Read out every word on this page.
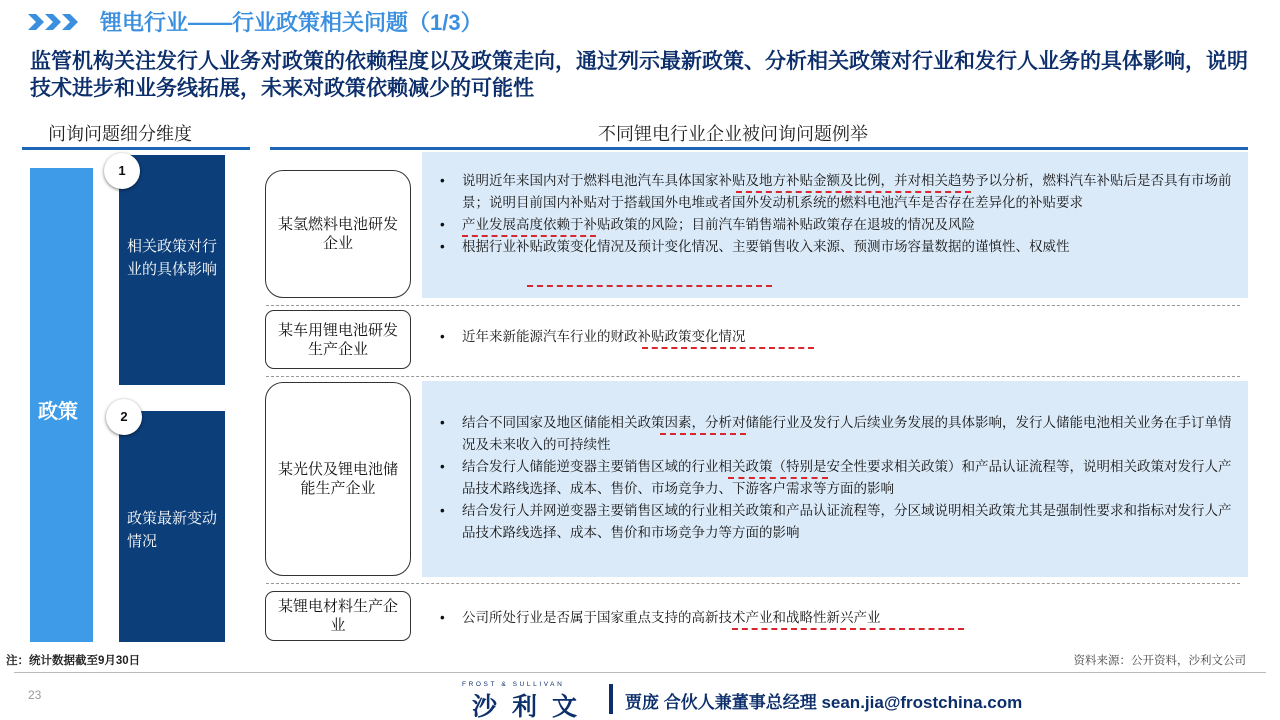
锂电行业——行业政策相关问题（1/3）
监管机构关注发行人业务对政策的依赖程度以及政策走向，通过列示最新政策、分析相关政策对行业和发行人业务的具体影响，说明技术进步和业务线拓展，未来对政策依赖减少的可能性
问询问题细分维度	不同锂电行业企业被问询问题例举
政策
相关政策对行业的具体影响
1
政策最新变动情况
2
某氢燃料电池研发企业
某车用锂电池研发生产企业
某光伏及锂电池储能生产企业
某锂电材料生产企业
• 说明近年来国内对于燃料电池汽车具体国家补贴及地方补贴金额及比例，并对相关趋势予以分析，燃料汽车补贴后是否具有市场前景；说明目前国内补贴对于搭载国外电堆或者国外发动机系统的燃料电池汽车是否存在差异化的补贴要求
• 产业发展高度依赖于补贴政策的风险；目前汽车销售端补贴政策存在退坡的情况及风险
• 根据行业补贴政策变化情况及预计变化情况、主要销售收入来源、预测市场容量数据的谨慎性、权威性
• 近年来新能源汽车行业的财政补贴政策变化情况
• 结合不同国家及地区储能相关政策因素，分析对储能行业及发行人后续业务发展的具体影响，发行人储能电池相关业务在手订单情况及未来收入的可持续性
• 结合发行人储能逆变器主要销售区域的行业相关政策（特别是安全性要求相关政策）和产品认证流程等，说明相关政策对发行人产品技术路线选择、成本、售价、市场竞争力、下游客户需求等方面的影响
• 结合发行人并网逆变器主要销售区域的行业相关政策和产品认证流程等，分区域说明相关政策尤其是强制性要求和指标对发行人产品技术路线选择、成本、售价和市场竞争力等方面的影响
• 公司所处行业是否属于国家重点支持的高新技术产业和战略性新兴产业
注：统计数据截至9月30日	资料来源：公开资料，沙利文公司
23
FROST & SULLIVAN
沙利文 贾庞 合伙人兼董事总经理 sean.jia@frostchina.com
